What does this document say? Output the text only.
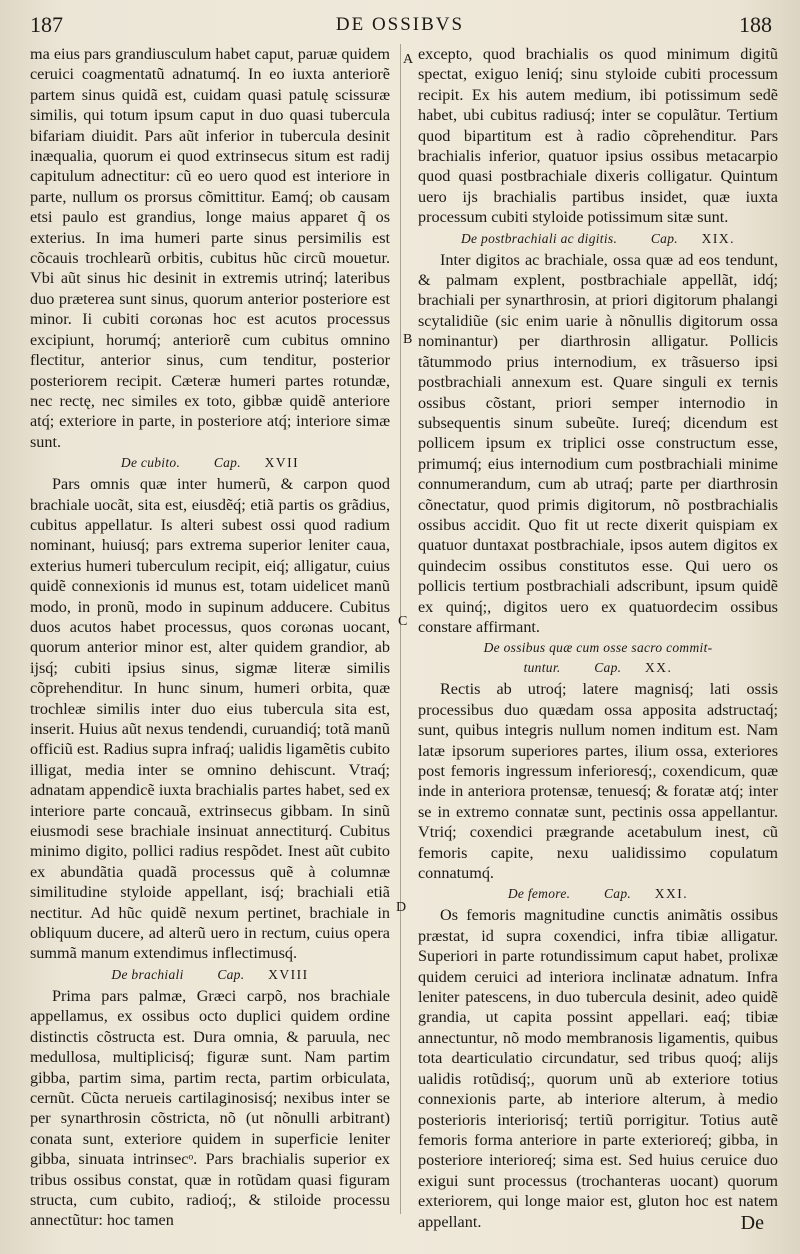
187	DE OSSIBVS	188
A
B
C
D

ma eius pars grandiusculum habet caput, paruæ quidem ceruici coagmentatũ adnatumq́. In eo iuxta anteriorẽ partem sinus quidã est, cuidam quasi patulę scissuræ similis, qui totum ipsum caput in duo quasi tubercula bifariam diuidit. Pars aũt inferior in tubercula desinit inæqualia, quorum ei quod extrinsecus situm est radij capitulum adnectitur: cũ eo uero quod est interiore in parte, nullum os prorsus cõmittitur. Eamq́; ob causam etsi paulo est grandius, longe maius apparet q̃ os exterius. In ima humeri parte sinus persimilis est cõcauis trochlearũ orbitis, cubitus hũc circũ mouetur. Vbi aũt sinus hic desinit in extremis utrinq́; lateribus duo præterea sunt sinus, quorum anterior posteriore est minor. Ii cubiti corωnas hoc est acutos processus excipiunt, horumq́; anteriorẽ cum cubitus omnino flectitur, anterior sinus, cum tenditur, posterior posteriorem recipit. Cæteræ humeri partes rotundæ, nec rectę, nec similes ex toto, gibbæ quidẽ anteriore atq́; exteriore in parte, in posteriore atq́; interiore simæ sunt.

De cubito. Cap. XVII

Pars omnis quæ inter humerũ, & carpon quod brachiale uocãt, sita est, eiusdẽq́; etiã partis os grãdius, cubitus appellatur. Is alteri subest ossi quod radium nominant, huiusq́; pars extrema superior leniter caua, exterius humeri tuberculum recipit, eiq́; alligatur, cuius quidẽ connexionis id munus est, totam uidelicet manũ modo, in pronũ, modo in supinum adducere. Cubitus duos acutos habet processus, quos corωnas uocant, quorum anterior minor est, alter quidem grandior, ab ijsq́; cubiti ipsius sinus, sigmæ literæ similis cõprehenditur. In hunc sinum, humeri orbita, quæ trochleæ similis inter duo eius tubercula sita est, inserit. Huius aũt nexus tendendi, curuandiq́; totã manũ officiũ est. Radius supra infraq́; ualidis ligamẽtis cubito illigat, media inter se omnino dehiscunt. Vtraq́; adnatam appendicẽ iuxta brachialis partes habet, sed ex interiore parte concauã, extrinsecus gibbam. In sinũ eiusmodi sese brachiale insinuat annectiturq́. Cubitus minimo digito, pollici radius respõdet. Inest aũt cubito ex abundãtia quadã processus quẽ à columnæ similitudine styloide appellant, isq́; brachiali etiã nectitur. Ad hũc quidẽ nexum pertinet, brachiale in obliquum ducere, ad alterũ uero in rectum, cuius opera summã manum extendimus inflectimusq́.

De brachiali Cap. XVIII

Prima pars palmæ, Græci carpõ, nos brachiale appellamus, ex ossibus octo duplici quidem ordine distinctis cõstructa est. Dura omnia, & paruula, nec medullosa, multiplicisq́; figuræ sunt. Nam partim gibba, partim sima, partim recta, partim orbiculata, cernũt. Cũcta nerueis cartilaginosisq́; nexibus inter se per synarthrosin cõstricta, nõ (ut nõnulli arbitrant) conata sunt, exteriore quidem in superficie leniter gibba, sinuata intrinsecᵒ. Pars brachialis superior ex tribus ossibus constat, quæ in rotũdam quasi figuram structa, cum cubito, radioq́;, & stiloide processu annectũtur: hoc tamen

excepto, quod brachialis os quod minimum digitũ spectat, exiguo leniq́; sinu styloide cubiti processum recipit. Ex his autem medium, ibi potissimum sedẽ habet, ubi cubitus radiusq́; inter se copulãtur. Tertium quod bipartitum est à radio cõprehenditur. Pars brachialis inferior, quatuor ipsius ossibus metacarpio quod quasi postbrachiale dixeris colligatur. Quintum uero ijs brachialis partibus insidet, quæ iuxta processum cubiti styloide potissimum sitæ sunt.

De postbrachiali ac digitis. Cap. XIX.

Inter digitos ac brachiale, ossa quæ ad eos tendunt, & palmam explent, postbrachiale appellãt, idq́; brachiali per synarthrosin, at priori digitorum phalangi scytalidiũe (sic enim uarie à nõnullis digitorum ossa nominantur) per diarthrosin alligatur. Pollicis tãtummodo prius internodium, ex trãsuerso ipsi postbrachiali annexum est. Quare singuli ex ternis ossibus cõstant, priori semper internodio in subsequentis sinum subeũte. Iureq́; dicendum est pollicem ipsum ex triplici osse constructum esse, primumq́; eius internodium cum postbrachiali minime connumerandum, cum ab utraq́; parte per diarthrosin cõnectatur, quod primis digitorum, nõ postbrachialis ossibus accidit. Quo fit ut recte dixerit quispiam ex quatuor duntaxat postbrachiale, ipsos autem digitos ex quindecim ossibus constitutos esse. Qui uero os pollicis tertium postbrachiali adscribunt, ipsum quidẽ ex quinq́;, digitos uero ex quatuordecim ossibus constare affirmant.

De ossibus quæ cum osse sacro commit-
tuntur. Cap. XX.

Rectis ab utroq́; latere magnisq́; lati ossis processibus duo quædam ossa apposita adstructaq́; sunt, quibus integris nullum nomen inditum est. Nam latæ ipsorum superiores partes, ilium ossa, exteriores post femoris ingressum inferioresq́;, coxendicum, quæ inde in anteriora protensæ, tenuesq́; & foratæ atq́; inter se in extremo connatæ sunt, pectinis ossa appellantur. Vtriq́; coxendici prægrande acetabulum inest, cũ femoris capite, nexu ualidissimo copulatum connatumq́.

De femore. Cap. XXI.

Os femoris magnitudine cunctis animãtis ossibus præstat, id supra coxendici, infra tibiæ alligatur. Superiori in parte rotundissimum caput habet, prolixæ quidem ceruici ad interiora inclinatæ adnatum. Infra leniter patescens, in duo tubercula desinit, adeo quidẽ grandia, ut capita possint appellari. eaq́; tibiæ annectuntur, nõ modo membranosis ligamentis, quibus tota dearticulatio circundatur, sed tribus quoq́; alijs ualidis rotũdisq́;, quorum unũ ab exteriore totius connexionis parte, ab interiore alterum, à medio posterioris interiorisq́; tertiũ porrigitur. Totius autẽ femoris forma anteriore in parte exterioreq́; gibba, in posteriore interioreq́; sima est. Sed huius ceruice duo exigui sunt processus (trochanteras uocant) quorum exteriorem, qui longe maior est, gluton hoc est natem appellant.	De
